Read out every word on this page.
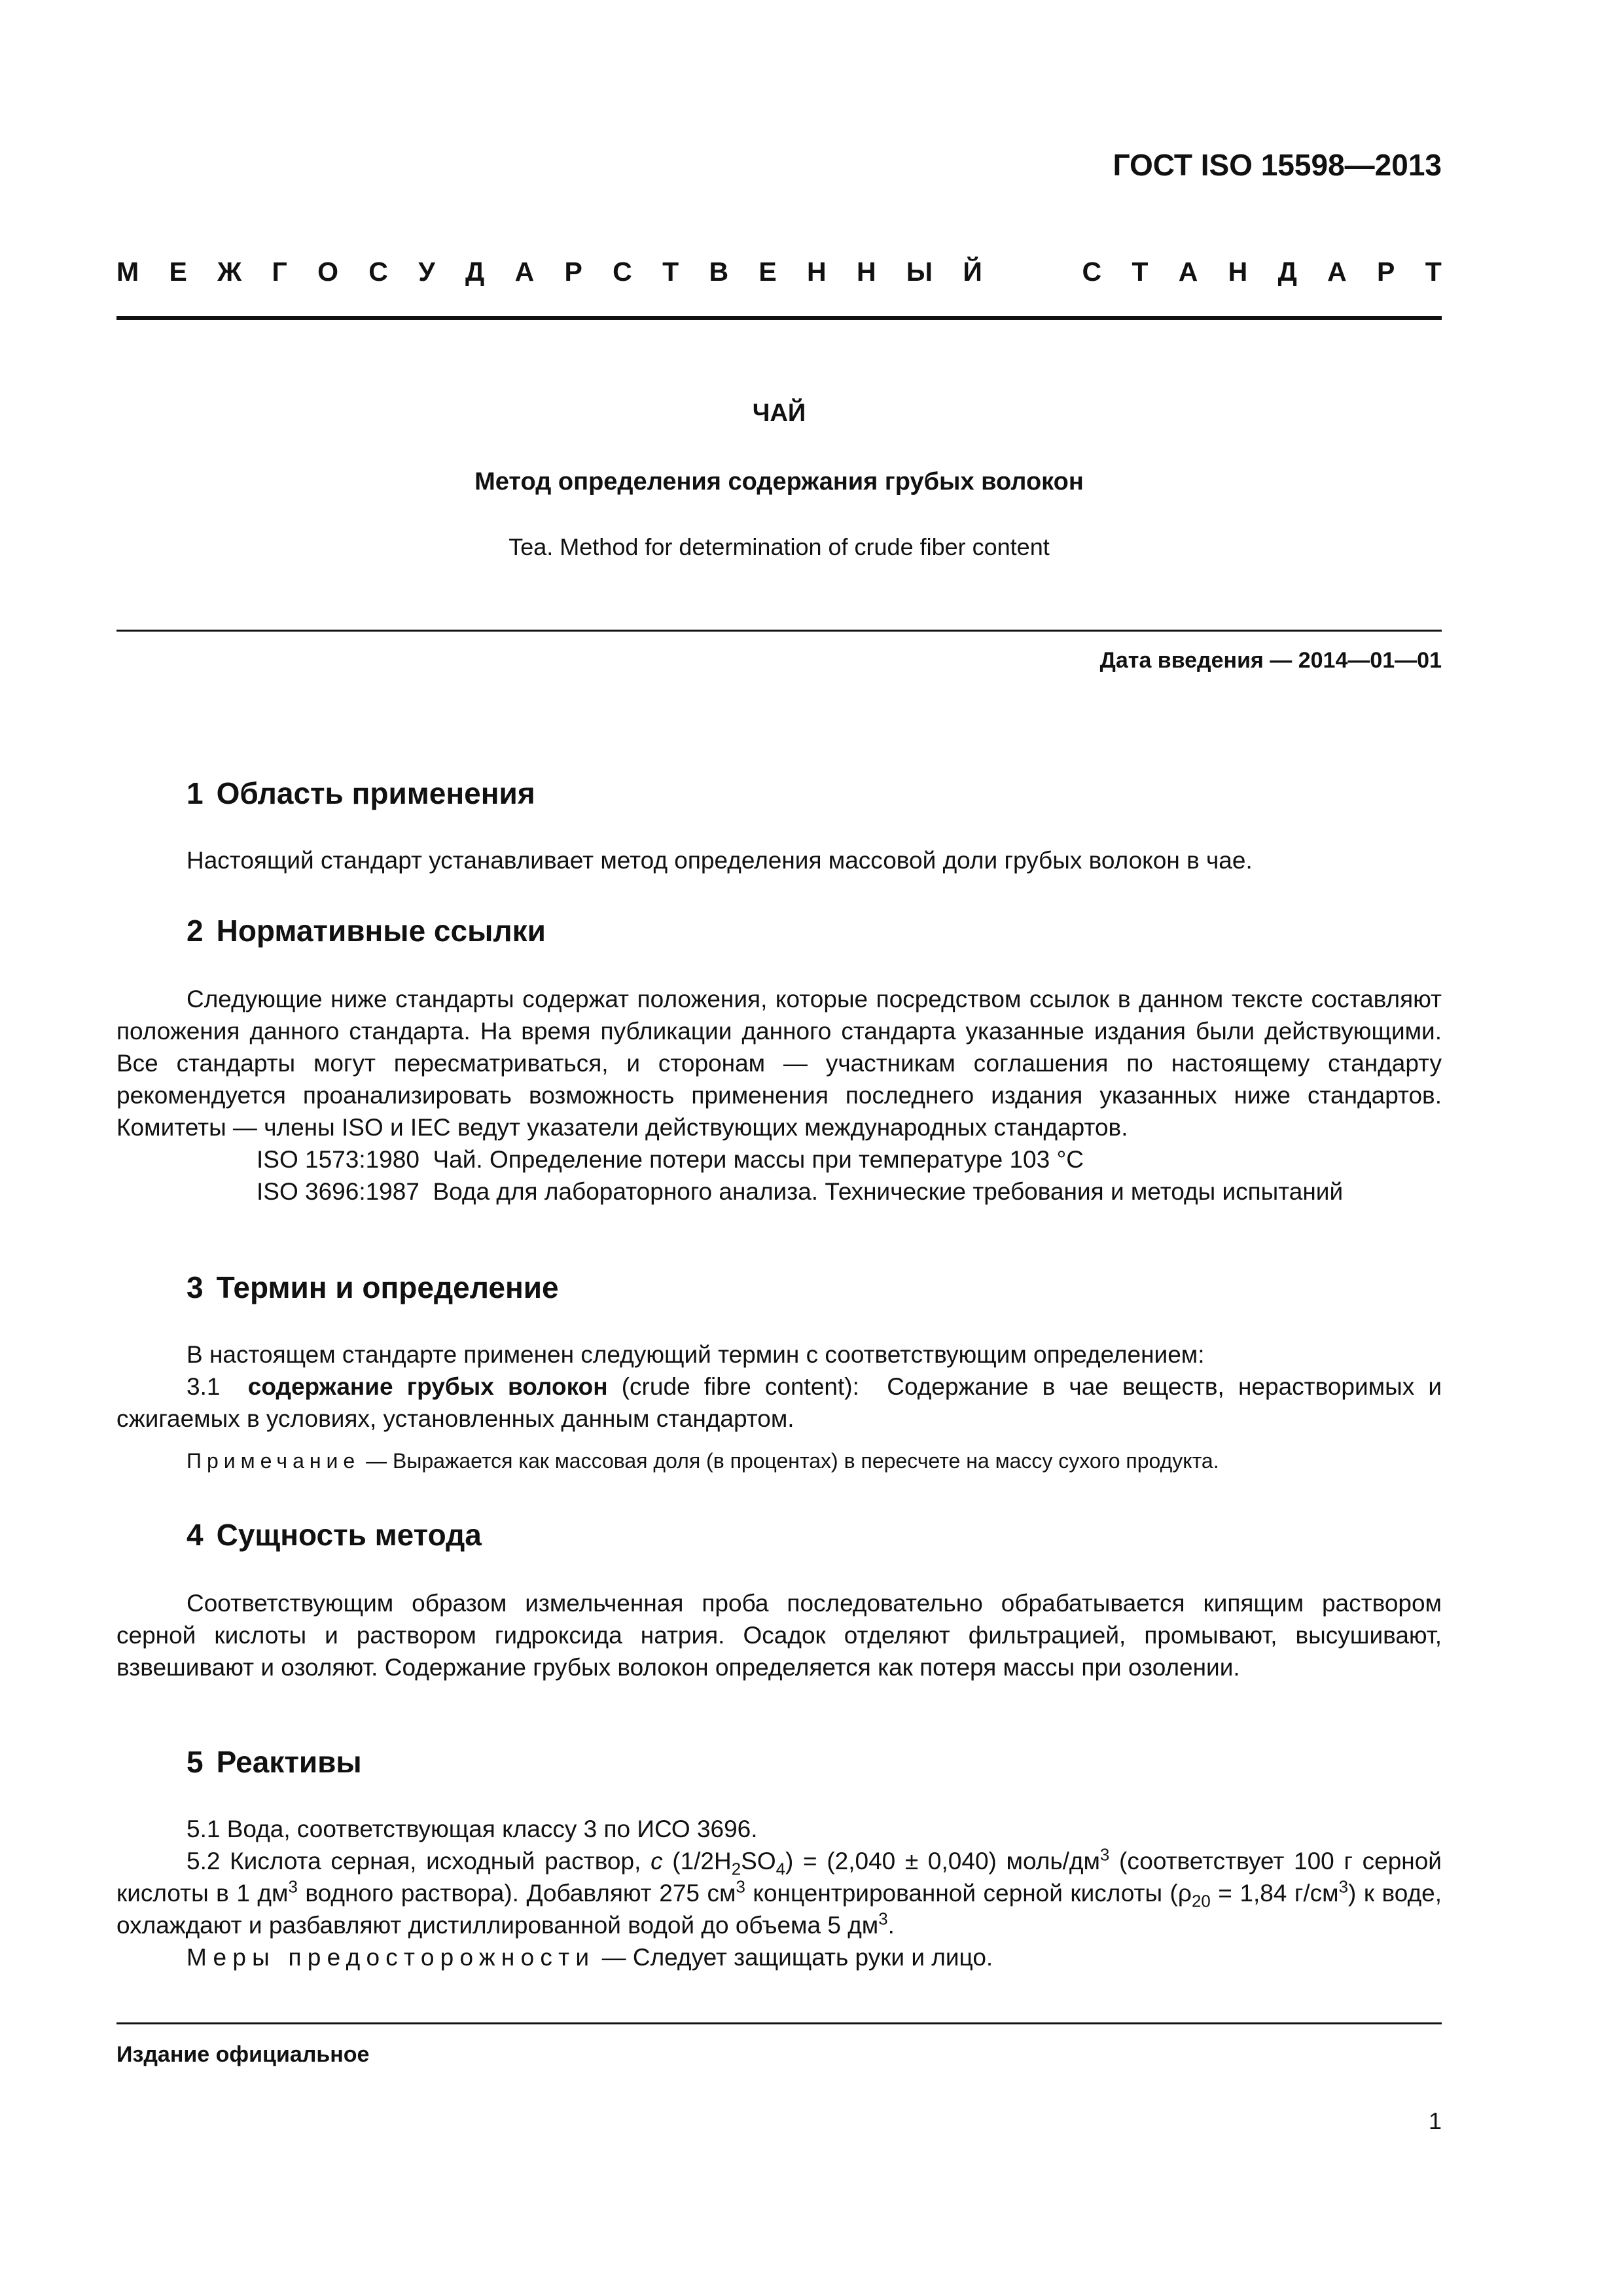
ГОСТ ISO 15598—2013
М Е Ж Г О С У Д А Р С Т В Е Н Н Ы Й	С Т А Н Д А Р Т
ЧАЙ
Метод определения содержания грубых волокон
Tea. Method for determination of crude fiber content
Дата введения — 2014—01—01
1 Область применения

Настоящий стандарт устанавливает метод определения массовой доли грубых волокон в чае.

2 Нормативные ссылки

Следующие ниже стандарты содержат положения, которые посредством ссылок в данном тексте составляют положения данного стандарта. На время публикации данного стандарта указанные издания были действующими. Все стандарты могут пересматриваться, и сторонам — участникам соглашения по настоящему стандарту рекомендуется проанализировать возможность применения последнего издания указанных ниже стандартов. Комитеты — члены ISO и IEC ведут указатели действующих международных стандартов.

ISO 1573:1980 Чай. Определение потери массы при температуре 103 °C

ISO 3696:1987 Вода для лабораторного анализа. Технические требования и методы испытаний

3 Термин и определение

В настоящем стандарте применен следующий термин с соответствующим определением:

3.1 содержание грубых волокон (crude fibre content): Содержание в чае веществ, нерастворимых и сжигаемых в условиях, установленных данным стандартом.

Примечание — Выражается как массовая доля (в процентах) в пересчете на массу сухого продукта.
4 Сущность метода

Соответствующим образом измельченная проба последовательно обрабатывается кипящим раствором серной кислоты и раствором гидроксида натрия. Осадок отделяют фильтрацией, промывают, высушивают, взвешивают и озоляют. Содержание грубых волокон определяется как потеря массы при озолении.

5 Реактивы

5.1 Вода, соответствующая классу 3 по ИСО 3696.

5.2 Кислота серная, исходный раствор, c $(1/2H_2SO_4) = (2,040 \pm 0,040)$ моль/$дм^3$ (соответствует 100 г серной кислоты в 1 $дм^3$ водного раствора). Добавляют 275 $см^3$ концентрированной серной кислоты ($\rho_{20} = 1,84$ $г/см^3$) к воде, охлаждают и разбавляют дистиллированной водой до объема 5 $дм^3$.

Меры предосторожности — Следует защищать руки и лицо.

Издание официальное
1
